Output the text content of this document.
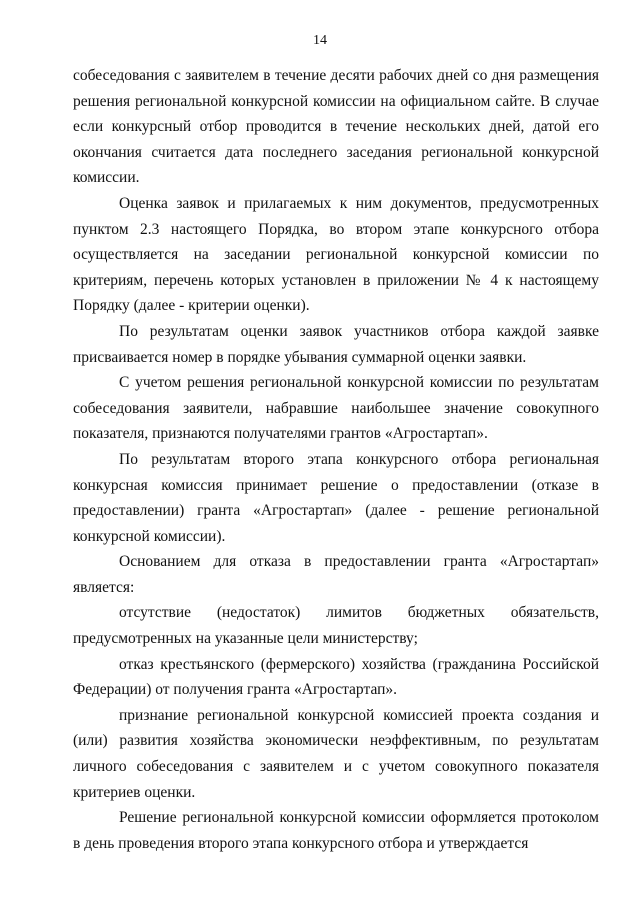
14

собеседования с заявителем в течение десяти рабочих дней со дня размещения решения региональной конкурсной комиссии на официальном сайте. В случае если конкурсный отбор проводится в течение нескольких дней, датой его окончания считается дата последнего заседания региональной конкурсной комиссии.

Оценка заявок и прилагаемых к ним документов, предусмотренных пунктом 2.3 настоящего Порядка, во втором этапе конкурсного отбора осуществляется на заседании региональной конкурсной комиссии по критериям, перечень которых установлен в приложении № 4 к настоящему Порядку (далее - критерии оценки).

По результатам оценки заявок участников отбора каждой заявке присваивается номер в порядке убывания суммарной оценки заявки.

С учетом решения региональной конкурсной комиссии по результатам собеседования заявители, набравшие наибольшее значение совокупного показателя, признаются получателями грантов «Агростартап».

По результатам второго этапа конкурсного отбора региональная конкурсная комиссия принимает решение о предоставлении (отказе в предоставлении) гранта «Агростартап» (далее - решение региональной конкурсной комиссии).

Основанием для отказа в предоставлении гранта «Агростартап» является:

отсутствие (недостаток) лимитов бюджетных обязательств, предусмотренных на указанные цели министерству;

отказ крестьянского (фермерского) хозяйства (гражданина Российской Федерации) от получения гранта «Агростартап».

признание региональной конкурсной комиссией проекта создания и (или) развития хозяйства экономически неэффективным, по результатам личного собеседования с заявителем и с учетом совокупного показателя критериев оценки.

Решение региональной конкурсной комиссии оформляется протоколом в день проведения второго этапа конкурсного отбора и утверждается
